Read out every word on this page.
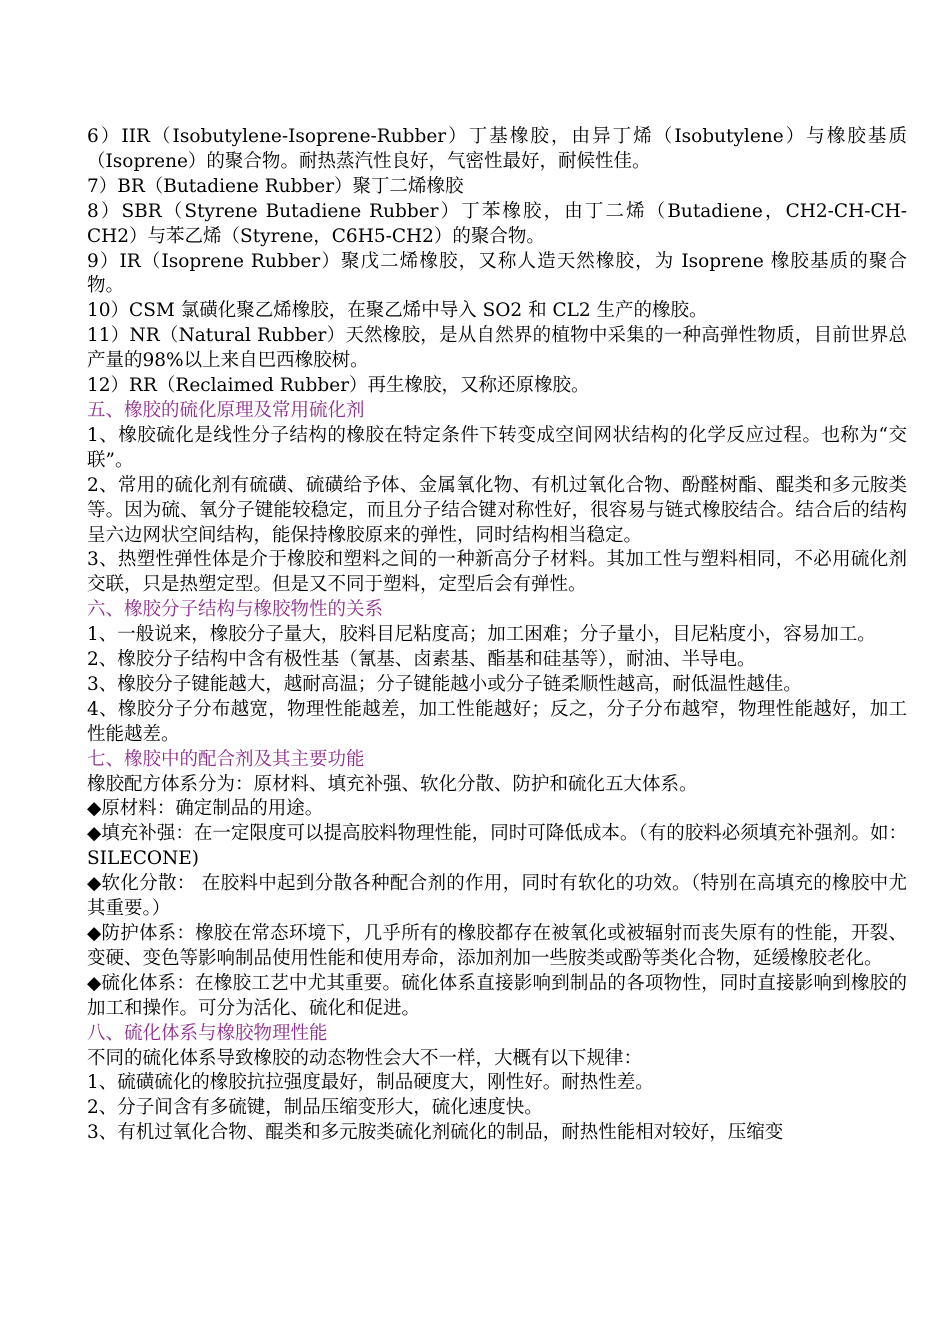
6）IIR（Isobutylene-Isoprene-Rubber）丁基橡胶，由异丁烯（Isobutylene）与橡胶基质（Isoprene）的聚合物。耐热蒸汽性良好，气密性最好，耐候性佳。

7）BR（Butadiene Rubber）聚丁二烯橡胶

8）SBR（Styrene Butadiene Rubber）丁苯橡胶，由丁二烯（Butadiene，CH2-CH-CH-CH2）与苯乙烯（Styrene，C6H5-CH2）的聚合物。

9）IR（Isoprene Rubber）聚戊二烯橡胶，又称人造天然橡胶，为 Isoprene 橡胶基质的聚合物。

10）CSM 氯磺化聚乙烯橡胶，在聚乙烯中导入 SO2 和 CL2 生产的橡胶。

11）NR（Natural Rubber）天然橡胶，是从自然界的植物中采集的一种高弹性物质，目前世界总产量的98%以上来自巴西橡胶树。

12）RR（Reclaimed Rubber）再生橡胶，又称还原橡胶。

五、橡胶的硫化原理及常用硫化剂

1、橡胶硫化是线性分子结构的橡胶在特定条件下转变成空间网状结构的化学反应过程。也称为“交联”。

2、常用的硫化剂有硫磺、硫磺给予体、金属氧化物、有机过氧化合物、酚醛树酯、醌类和多元胺类等。因为硫、氧分子键能较稳定，而且分子结合键对称性好，很容易与链式橡胶结合。结合后的结构呈六边网状空间结构，能保持橡胶原来的弹性，同时结构相当稳定。

3、热塑性弹性体是介于橡胶和塑料之间的一种新高分子材料。其加工性与塑料相同，不必用硫化剂交联，只是热塑定型。但是又不同于塑料，定型后会有弹性。

六、橡胶分子结构与橡胶物性的关系

1、一般说来，橡胶分子量大，胶料目尼粘度高；加工困难；分子量小，目尼粘度小，容易加工。

2、橡胶分子结构中含有极性基（氰基、卤素基、酯基和硅基等），耐油、半导电。

3、橡胶分子键能越大，越耐高温；分子键能越小或分子链柔顺性越高，耐低温性越佳。

4、橡胶分子分布越宽，物理性能越差，加工性能越好；反之，分子分布越窄，物理性能越好，加工性能越差。

七、橡胶中的配合剂及其主要功能

橡胶配方体系分为：原材料、填充补强、软化分散、防护和硫化五大体系。

◆原材料：确定制品的用途。

◆填充补强：在一定限度可以提高胶料物理性能，同时可降低成本。（有的胶料必须填充补强剂。如：SILECONE)

◆软化分散： 在胶料中起到分散各种配合剂的作用，同时有软化的功效。（特别在高填充的橡胶中尤其重要。）

◆防护体系：橡胶在常态环境下，几乎所有的橡胶都存在被氧化或被辐射而丧失原有的性能，开裂、变硬、变色等影响制品使用性能和使用寿命，添加剂加一些胺类或酚等类化合物，延缓橡胶老化。

◆硫化体系：在橡胶工艺中尤其重要。硫化体系直接影响到制品的各项物性，同时直接影响到橡胶的加工和操作。可分为活化、硫化和促进。

八、硫化体系与橡胶物理性能

不同的硫化体系导致橡胶的动态物性会大不一样，大概有以下规律：

1、硫磺硫化的橡胶抗拉强度最好，制品硬度大，刚性好。耐热性差。

2、分子间含有多硫键，制品压缩变形大，硫化速度快。

3、有机过氧化合物、醌类和多元胺类硫化剂硫化的制品，耐热性能相对较好，压缩变
